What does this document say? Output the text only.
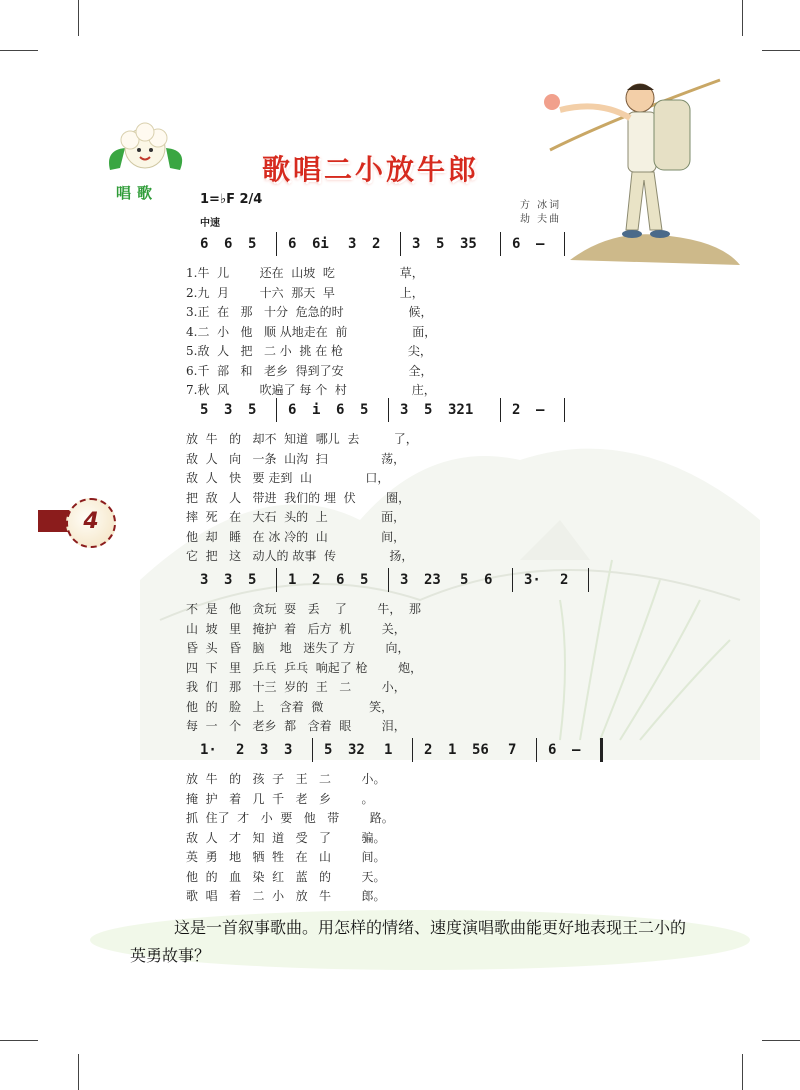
唱歌
歌唱二小放牛郎
1=♭F 2/4
中速
方 冰词
劫 夫曲
6 6 5 6 6i 3 2 3 5 35	6 —
1.牛  儿        还在  山坡  吃                 草，
2.九  月        十六  那天  早                 上，
3.正  在   那   十分  危急的时                 候，
4.二  小   他   顺 从地走在  前                 面，
5.敌  人   把   二 小  挑 在 枪                 尖，
6.千  部   和   老乡  得到了安                 全，
7.秋  风        吹遍了 每 个  村                 庄，
5 3 5 6 i 6 5 3 5 321	2 —
放  牛   的   却不  知道  哪儿  去         了，
敌  人   向   一条  山沟  扫              荡，
敌  人   快   要 走到  山              口，
把  敌   人   带进  我们的 埋  伏        圈，
摔  死   在   大石  头的  上              面，
他  却   睡   在 冰 冷的  山              间，
它  把   这   动人的 故事  传              扬，
3 3 5 1 2 6 5 3 23 5 6 3· 2
不  是   他   贪玩  耍   丢    了        牛，  那
山  坡   里   掩护  着   后方  机        关，
昏  头   昏   脑    地   迷失了 方        向，
四  下   里   乒乓  乒乓  响起了 枪        炮，
我  们   那   十三  岁的  王   二        小，
他  的   脸   上    含着  微            笑，
每  一   个   老乡  都   含着  眼        泪，
1· 2 3 3 5 32 1 2 1 56 7 6 —
放  牛   的   孩  子   王   二        小。
掩  护   着   几  千   老   乡        。
抓  住了  才   小  要   他   带        路。
敌  人   才   知  道   受   了        骗。
英  勇   地   牺  牲   在   山        间。
他  的   血   染  红   蓝   的        天。
歌  唱   着   二  小   放   牛        郎。
4
这是一首叙事歌曲。用怎样的情绪、速度演唱歌曲能更好地表现王二小的英勇故事？
